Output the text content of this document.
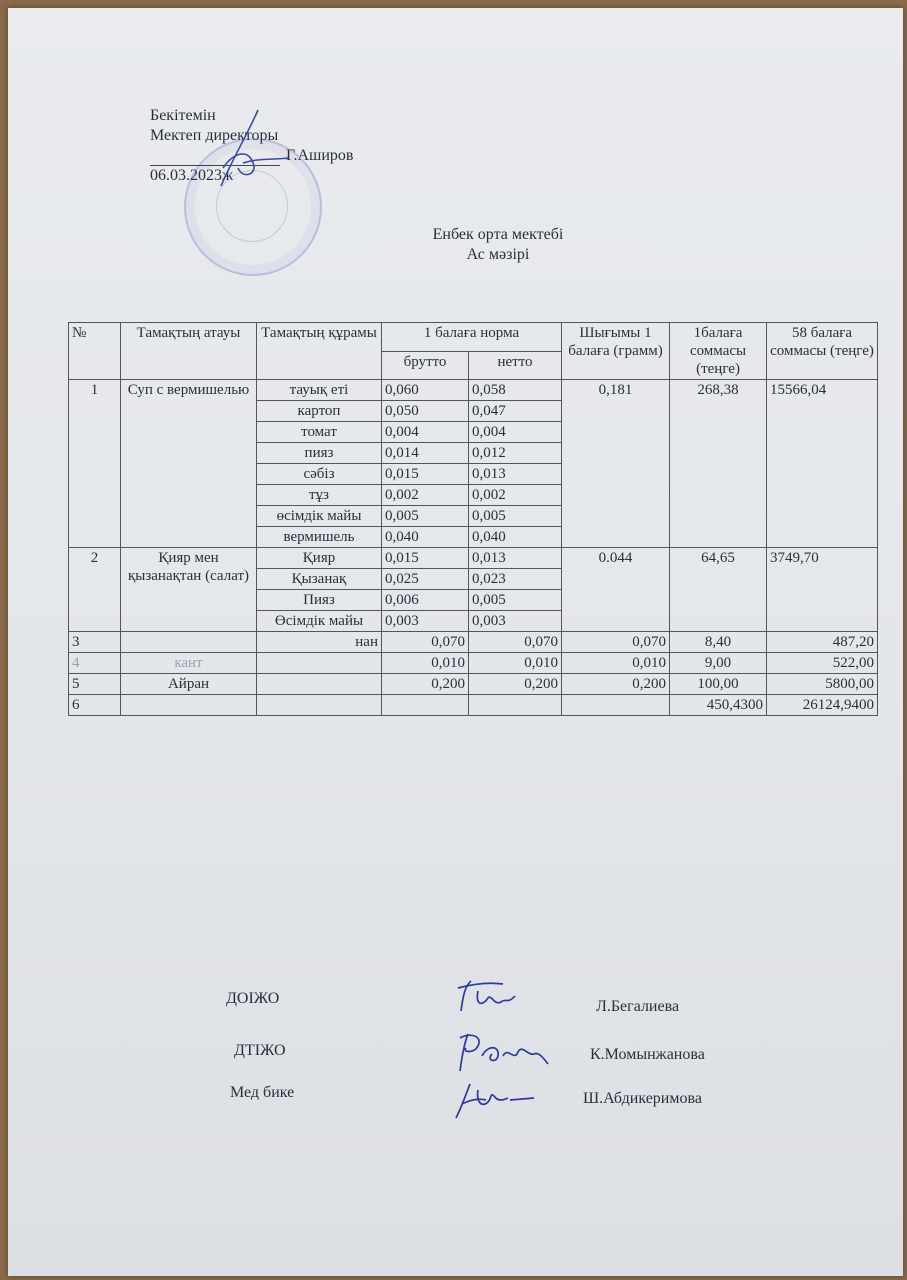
Бекітемін
Мектеп директоры
Г.Аширов
06.03.2023ж
Енбек орта мектебі
Ас мәзірі
№	Тамақтың атауы	Тамақтың құрамы	1 балаға норма		Шығымы 1 балаға (грамм)	1балаға соммасы (теңге)	58 балаға соммасы (теңге)
			брутто	нетто			
1	Суп с вермишелью	тауық еті	0,060	0,058	0,181	268,38	15566,04
		картоп	0,050	0,047			
		томат	0,004	0,004			
		пияз	0,014	0,012			
		сәбіз	0,015	0,013			
		тұз	0,002	0,002			
		өсімдік майы	0,005	0,005			
		вермишель	0,040	0,040			
2	Қияр мен қызанақтан (салат)	Қияр	0,015	0,013	0.044	64,65	3749,70
		Қызанақ	0,025	0,023			
		Пияз	0,006	0,005			
		Өсімдік майы	0,003	0,003			
3		нан	0,070	0,070	0,070	8,40	487,20
4	кант		0,010	0,010	0,010	9,00	522,00
5	Айран		0,200	0,200	0,200	100,00	5800,00
6						450,4300	26124,9400
ДОІЖО	Л.Бегалиева
ДТІЖО	К.Момынжанова
Мед бике	Ш.Абдикеримова
